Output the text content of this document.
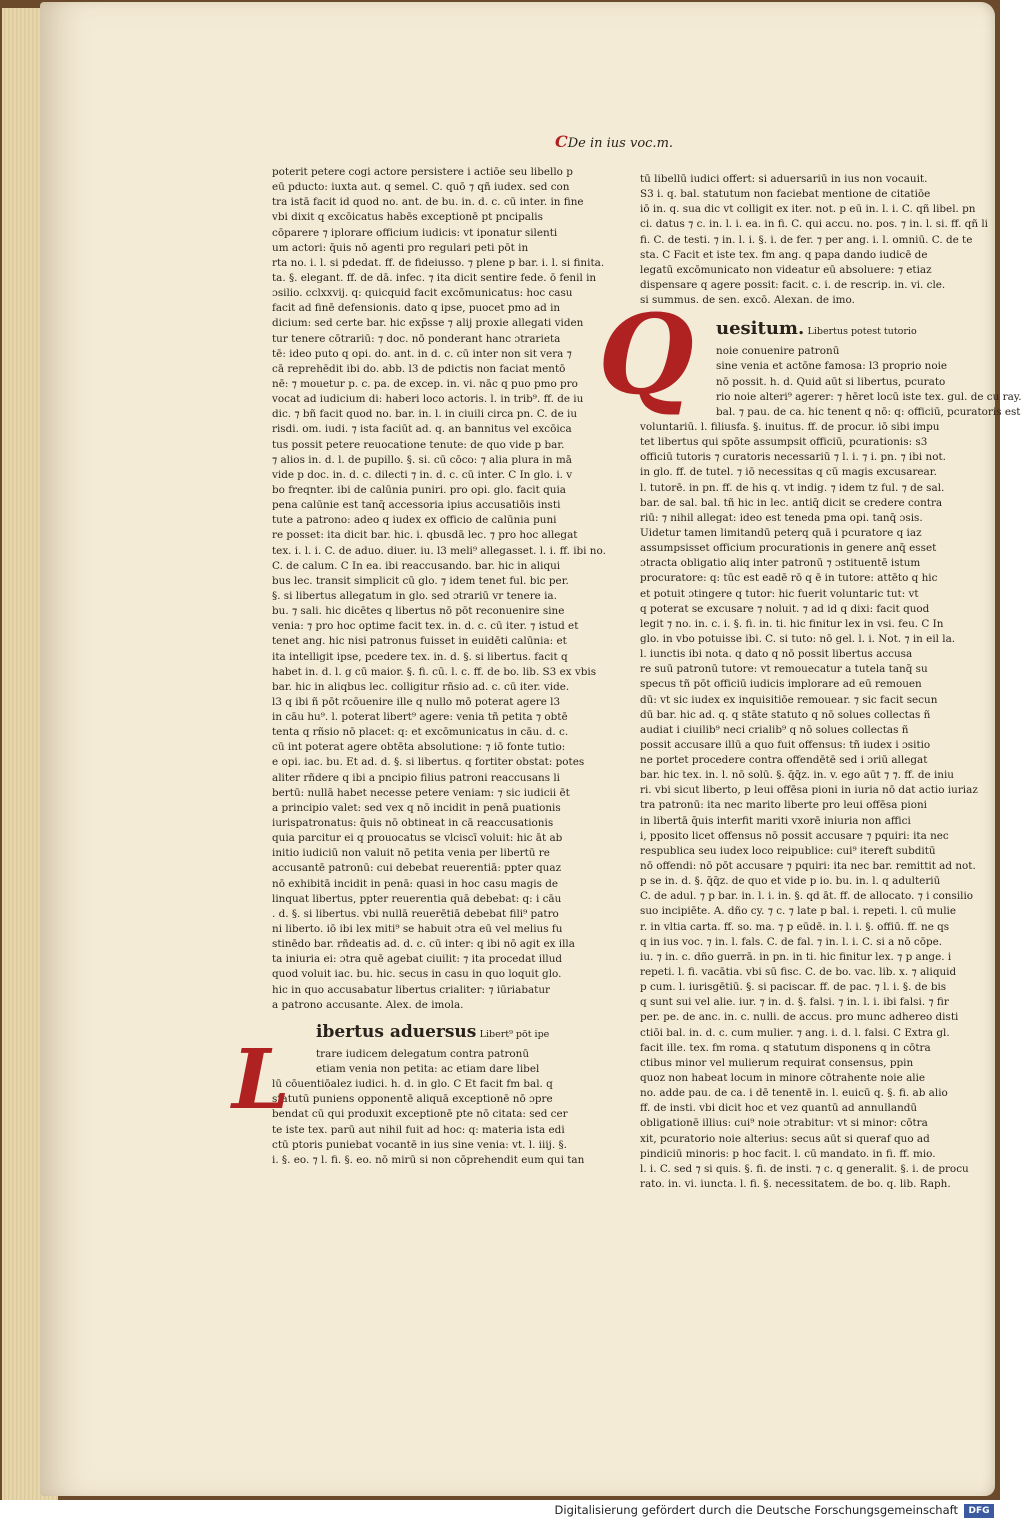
CDe in ius voc.m.
poterit petere cogi actore persistere i actiōe seu libello p
eū pducto: iuxta aut. q semel. C. quō ⁊ qñ iudex. sed con
tra istā facit id quod no. ant. de bu. in. d. c. cū inter. in fine
vbi dixit q excōicatus habēs exceptionē pt pncipalis
cōparere ⁊ iplorare officium iudicis: vt iponatur silenti
um actori: q̄uis nō agenti pro regulari peti pōt in
rta no. i. l. si pdedat. ff. de fideiusso. ⁊ plene p bar. i. l. si finita.
ta. §. elegant. ff. de dā. infec. ⁊ ita dicit sentire fede. ō fenil in
ɔsilio. cclxxvij. q: quicquid facit excōmunicatus: hoc casu
facit ad finē defensionis. dato q ipse, puocet pmo ad in
dicium: sed certe bar. hic exp̄sse ⁊ alij proxie allegati viden
tur tenere cōtrariū: ⁊ doc. nō ponderant hanc ɔtrarieta
tē: ideo puto q opi. do. ant. in d. c. cū inter non sit vera ⁊
cā reprehēdit ibi do. abb. l3 de pdictis non faciat mentō
nē: ⁊ mouetur p. c. pa. de excep. in. vi. nāc q puo pmo pro
vocat ad iudicium di: haberi loco actoris. l. in trib⁹. ff. de iu
dic. ⁊ bñ facit quod no. bar. in. l. in ciuili circa pn. C. de iu
risdi. om. iudi. ⁊ ista faciūt ad. q. an bannitus vel excōica
tus possit petere reuocatione tenute: de quo vide p bar.
⁊ alios in. d. l. de pupillo. §. si. cū cōco: ⁊ alia plura in mā
vide p doc. in. d. c. dilecti ⁊ in. d. c. cū inter. C In glo. i. v
bo freqnter. ibi de calūnia puniri. pro opi. glo. facit quia
pena calūnie est tanq̄ accessoria ipius accusatiōis insti
tute a patrono: adeo q iudex ex officio de calūnia puni
re posset: ita dicit bar. hic. i. qbusdā lec. ⁊ pro hoc allegat
tex. i. l. i. C. de aduo. diuer. iu. l3 meli⁹ allegasset. l. i. ff. ibi no.
C. de calum. C In ea. ibi reaccusando. bar. hic in aliqui
bus lec. transit simplicit cū glo. ⁊ idem tenet ful. bic per.
§. si libertus allegatum in glo. sed ɔtrariū vr tenere ia.
bu. ⁊ sali. hic dicētes q libertus nō pōt reconuenire sine
venia: ⁊ pro hoc optime facit tex. in. d. c. cū iter. ⁊ istud et
tenet ang. hic nisi patronus fuisset in euidēti calūnia: et
ita intelligit ipse, pcedere tex. in. d. §. si libertus. facit q
habet in. d. l. g cū maior. §. fi. cū. l. c. ff. de bo. lib. S3 ex vbis
bar. hic in aliqbus lec. colligitur rñsio ad. c. cū iter. vide.
l3 q ibi ñ pōt rcōuenire ille q nullo mō poterat agere l3
in cāu hu⁹. l. poterat libert⁹ agere: venia tñ petita ⁊ obtē
tenta q rñsio nō placet: q: et excōmunicatus in cāu. d. c.
cū int poterat agere obtēta absolutione: ⁊ iō fonte tutio:
e opi. iac. bu. Et ad. d. §. si libertus. q fortiter obstat: potes
aliter rñdere q ibi a pncipio filius patroni reaccusans li
bertū: nullā habet necesse petere veniam: ⁊ sic iudicii ēt
a principio valet: sed vex q nō incidit in penā puationis
iurispatronatus: q̄uis nō obtineat in cā reaccusationis
quia parcitur ei q prouocatus se vlciscī voluit: hic āt ab
initio iudiciū non valuit nō petita venia per libertū re
accusantē patronū: cui debebat reuerentiā: ppter quaz
nō exhibitā incidit in penā: quasi in hoc casu magis de
linquat libertus, ppter reuerentia quā debebat: q: i cāu
. d. §. si libertus. vbi nullā reuerētiā debebat fili⁹ patro
ni liberto. iō ibi lex miti⁹ se habuit ɔtra eū vel melius fu
stinēdo bar. rñdeatis ad. d. c. cū inter: q ibi nō agit ex illa
ta iniuria ei: ɔtra quē agebat ciuilit: ⁊ ita procedat illud
quod voluit iac. bu. hic. secus in casu in quo loquit glo.
hic in quo accusabatur libertus crialiter: ⁊ iūriabatur
a patrono accusante. Alex. de imola.
ibertus aduersus Libert⁹ pōt ipe
trare iudicem delegatum contra patronū
etiam venia non petita: ac etiam dare libel
lū cōuentiōalez iudici. h. d. in glo. C Et facit fm bal. q
statutū puniens opponentē aliquā exceptionē nō ɔpre
bendat cū qui produxit exceptionē pte nō citata: sed cer
te iste tex. parū aut nihil fuit ad hoc: q: materia ista edi
ctū ptoris puniebat vocantē in ius sine venia: vt. l. iiij. §.
i. §. eo. ⁊ l. fi. §. eo. nō mirū si non cōprehendit eum qui tan
L
tū libellū iudici offert: si aduersariū in ius non vocauit.
S3 i. q. bal. statutum non faciebat mentione de citatiōe
iō in. q. sua dic vt colligit ex iter. not. p eū in. l. i. C. qñ libel. pn
ci. datus ⁊ c. in. l. i. ea. in fi. C. qui accu. no. pos. ⁊ in. l. si. ff. qñ li
fi. C. de testi. ⁊ in. l. i. §. i. de fer. ⁊ per ang. i. l. omniū. C. de te
sta. C Facit et iste tex. fm ang. q papa dando iudicē de
legatū excōmunicato non videatur eū absoluere: ⁊ etiaz
dispensare q agere possit: facit. c. i. de rescrip. in. vi. cle.
si summus. de sen. excō. Alexan. de imo.
uesitum. Libertus potest tutorio
noie conuenire patronū
sine venia et actōne famosa: l3 proprio noie
nō possit. h. d. Quid aūt si libertus, pcurato
rio noie alteri⁹ agerer: ⁊ hēret locū iste tex. gul. de cu ray.
bal. ⁊ pau. de ca. hic tenent q nō: q: officiū, pcuratoris est
voluntariū. l. filiusfa. §. inuitus. ff. de procur. iō sibi impu
tet libertus qui spōte assumpsit officiū, pcurationis: s3
officiū tutoris ⁊ curatoris necessariū ⁊ l. i. ⁊ i. pn. ⁊ ibi not.
in glo. ff. de tutel. ⁊ iō necessitas q cū magis excusarear.
l. tutorē. in pn. ff. de his q. vt indig. ⁊ idem tz ful. ⁊ de sal.
bar. de sal. bal. tñ hic in lec. antiq̄ dicit se credere contra
riū: ⁊ nihil allegat: ideo est teneda pma opi. tanq̄ ɔsis.
Uidetur tamen limitandū peterq quā i pcuratore q iaz
assumpsisset officium procurationis in genere anq̄ esset
ɔtracta obligatio aliq inter patronū ⁊ ɔstituentē istum
procuratore: q: tūc est eadē rō q ē in tutore: attēto q hic
et potuit ɔtingere q tutor: hic fuerit voluntaric tut: vt
q poterat se excusare ⁊ noluit. ⁊ ad id q dixi: facit quod
legit ⁊ no. in. c. i. §. fi. in. ti. hic finitur lex in vsi. feu. C In
glo. in vbo potuisse ibi. C. si tuto: nō gel. l. i. Not. ⁊ in eil la.
l. iunctis ibi nota. q dato q nō possit libertus accusa
re suū patronū tutore: vt remouecatur a tutela tanq̄ su
specus tñ pōt officiū iudicis implorare ad eū remouen
dū: vt sic iudex ex inquisitiōe remouear. ⁊ sic facit secun
dū bar. hic ad. q. q stāte statuto q nō solues collectas ñ
audiat i ciuilib⁹ neci crialib⁹ q nō solues collectas ñ
possit accusare illū a quo fuit offensus: tñ iudex i ɔsitio
ne portet procedere contra offendētē sed i ɔriū allegat
bar. hic tex. in. l. nō solū. §. q̄q̄z. in. v. ego aūt ⁊ ⁊. ff. de iniu
ri. vbi sicut liberto, p leui offēsa pioni in iuria nō dat actio iuriaz
tra patronū: ita nec marito liberte pro leui offēsa pioni
in libertā q̄uis interfit mariti vxorē iniuria non affici
i, pposito licet offensus nō possit accusare ⁊ pquiri: ita nec
respublica seu iudex loco reipublice: cui⁹ itereft subditū
nō offendi: nō pōt accusare ⁊ pquiri: ita nec bar. remittit ad not.
p se in. d. §. q̄q̄z. de quo et vide p io. bu. in. l. q adulteriū
C. de adul. ⁊ p bar. in. l. i. in. §. qd āt. ff. de allocato. ⁊ i consilio
suo incipiēte. A. dño cy. ⁊ c. ⁊ late p bal. i. repeti. l. cū mulie
r. in vltia carta. ff. so. ma. ⁊ p eūdē. in. l. i. §. offiū. ff. ne qs
q in ius voc. ⁊ in. l. fals. C. de fal. ⁊ in. l. i. C. si a nō cōpe.
iu. ⁊ in. c. dño guerrā. in pn. in ti. hic finitur lex. ⁊ p ange. i
repeti. l. fi. vacātia. vbi sū fisc. C. de bo. vac. lib. x. ⁊ aliquid
p cum. l. iurisgētiū. §. si paciscar. ff. de pac. ⁊ l. i. §. de bis
q sunt sui vel alie. iur. ⁊ in. d. §. falsi. ⁊ in. l. i. ibi falsi. ⁊ fir
per. pe. de anc. in. c. nulli. de accus. pro munc adhereo disti
ctiōi bal. in. d. c. cum mulier. ⁊ ang. i. d. l. falsi. C Extra gl.
facit ille. tex. fm roma. q statutum disponens q in cōtra
ctibus minor vel mulierum requirat consensus, ppin
quoz non habeat locum in minore cōtrahente noie alie
no. adde pau. de ca. i dē tenentē in. l. euicū q. §. fi. ab alio
ff. de insti. vbi dicit hoc et vez quantū ad annullandū
obligationē illius: cui⁹ noie ɔtrabitur: vt si minor: cōtra
xit, pcuratorio noie alterius: secus aūt si queraf quo ad
pindiciū minoris: p hoc facit. l. cū mandato. in fi. ff. mio.
l. i. C. sed ⁊ si quis. §. fi. de insti. ⁊ c. q generalit. §. i. de procu
rato. in. vi. iuncta. l. fi. §. necessitatem. de bo. q. lib. Raph.
Q
Digitalisierung gefördert durch die Deutsche Forschungsgemeinschaft	DFG
